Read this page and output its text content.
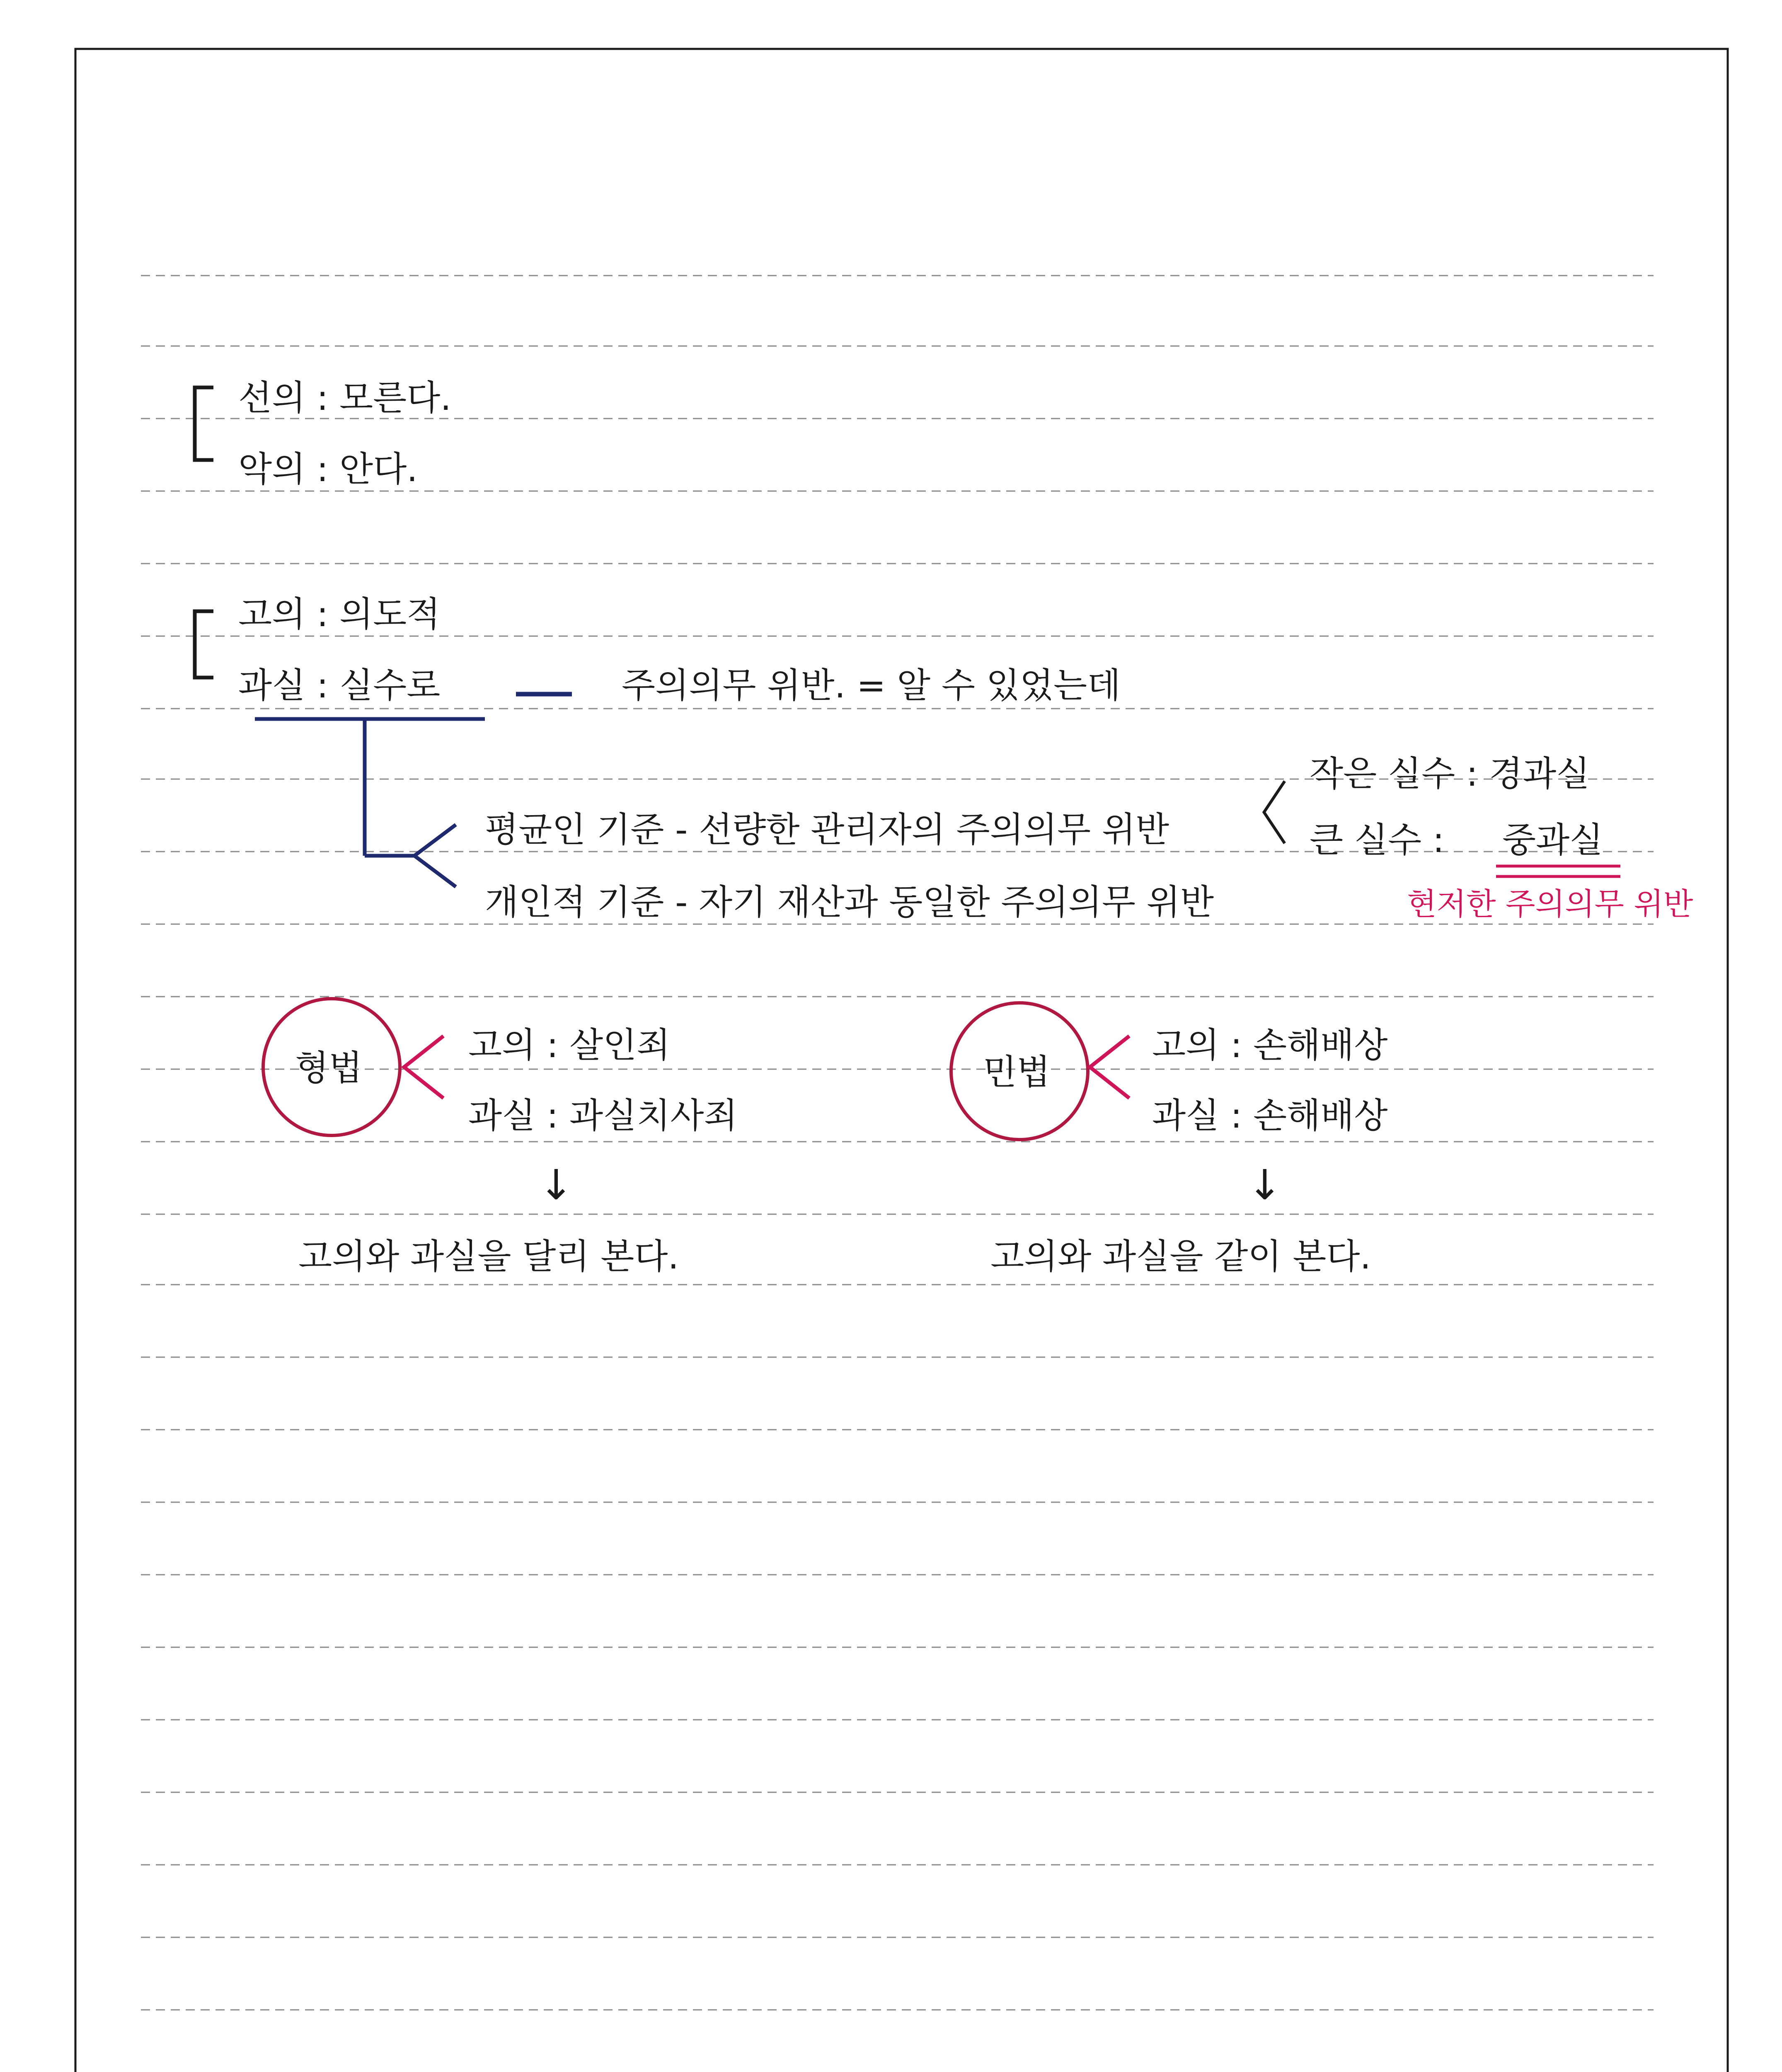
선의 : 모른다.
악의 : 안다.
고의 : 의도적
과실 : 실수로	주의의무 위반. = 알 수 있었는데
평균인 기준 - 선량한 관리자의 주의의무 위반
개인적 기준 - 자기 재산과 동일한 주의의무 위반
작은 실수 : 경과실
큰 실수 : 중과실
현저한 주의의무 위반
형법
고의 : 살인죄
과실 : 과실치사죄
↓
고의와 과실을 달리 본다.
민법
고의 : 손해배상
과실 : 손해배상
↓
고의와 과실을 같이 본다.
